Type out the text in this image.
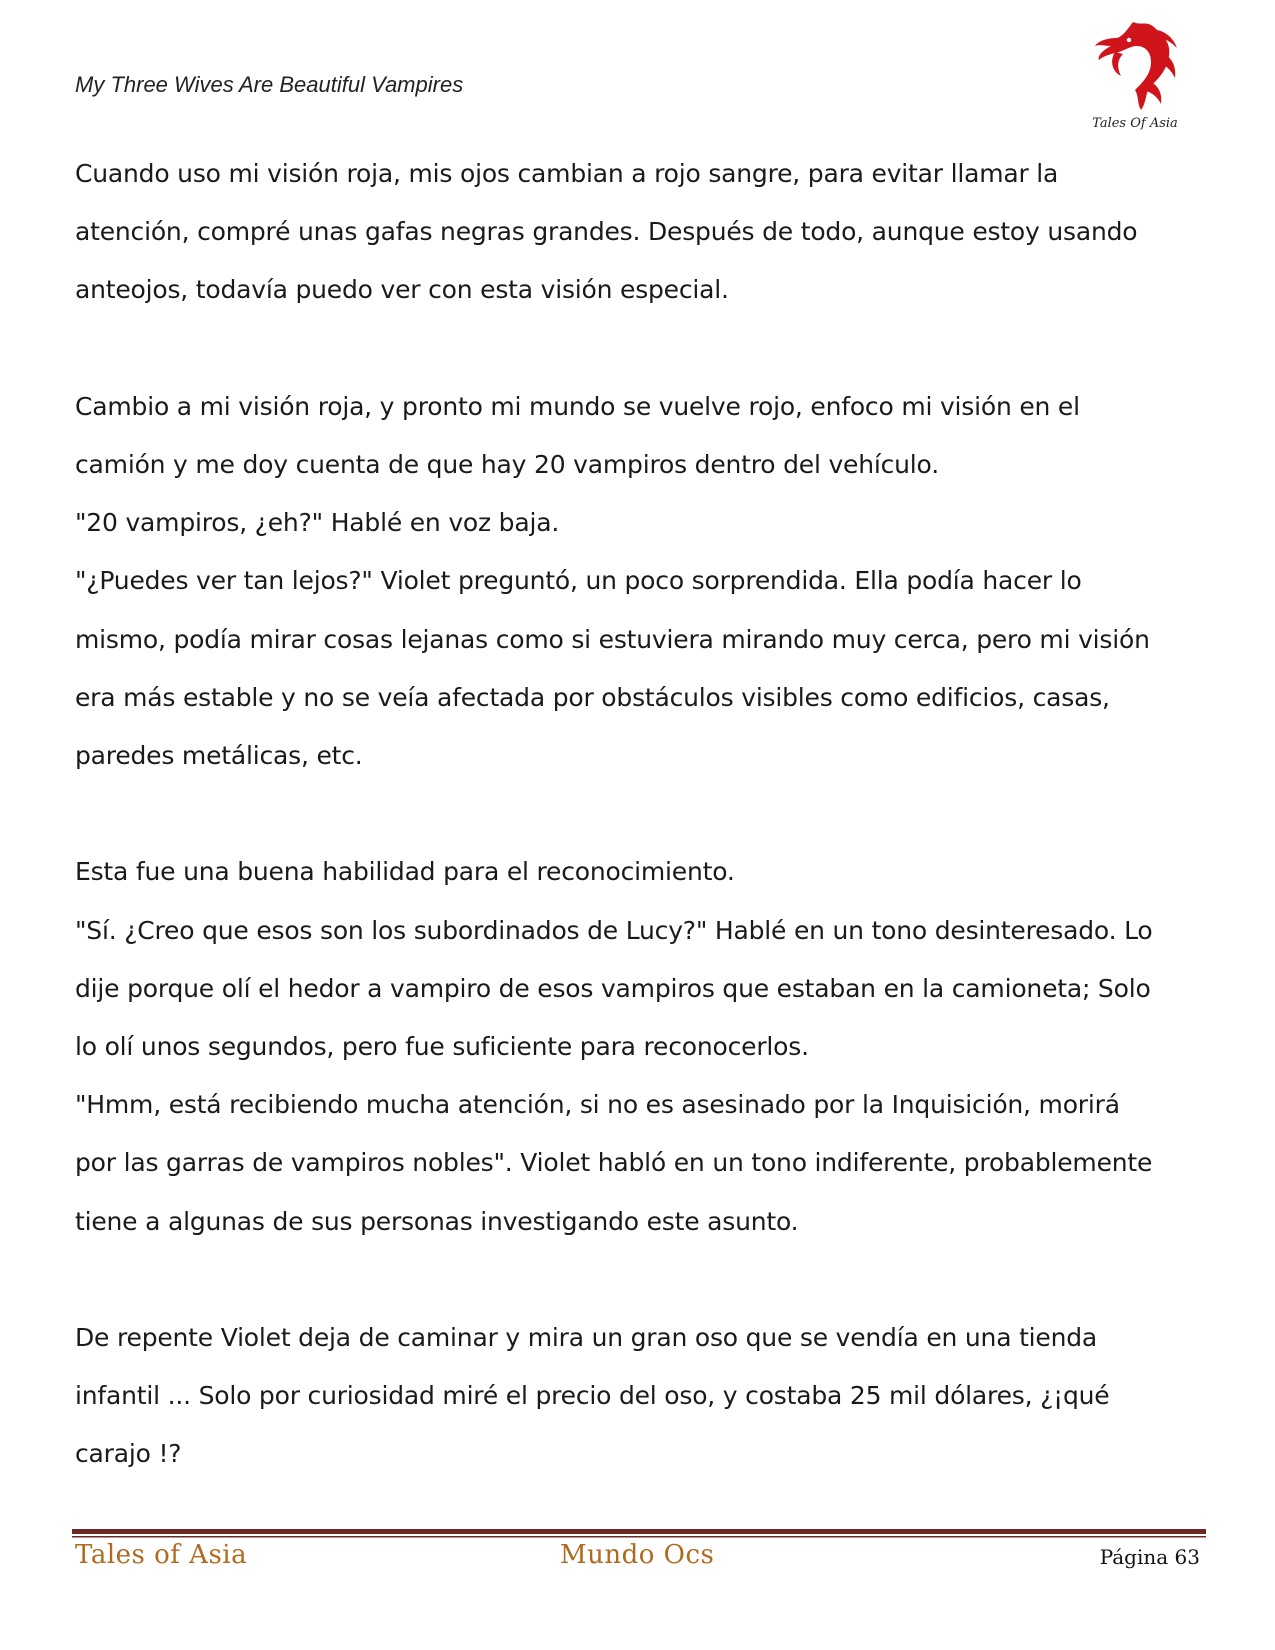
My Three Wives Are Beautiful Vampires
Tales Of Asia

Cuando uso mi visión roja, mis ojos cambian a rojo sangre, para evitar llamar la

atención, compré unas gafas negras grandes. Después de todo, aunque estoy usando

anteojos, todavía puedo ver con esta visión especial.

Cambio a mi visión roja, y pronto mi mundo se vuelve rojo, enfoco mi visión en el

camión y me doy cuenta de que hay 20 vampiros dentro del vehículo.

"20 vampiros, ¿eh?" Hablé en voz baja.

"¿Puedes ver tan lejos?" Violet preguntó, un poco sorprendida. Ella podía hacer lo

mismo, podía mirar cosas lejanas como si estuviera mirando muy cerca, pero mi visión

era más estable y no se veía afectada por obstáculos visibles como edificios, casas,

paredes metálicas, etc.

Esta fue una buena habilidad para el reconocimiento.

"Sí. ¿Creo que esos son los subordinados de Lucy?" Hablé en un tono desinteresado. Lo

dije porque olí el hedor a vampiro de esos vampiros que estaban en la camioneta; Solo

lo olí unos segundos, pero fue suficiente para reconocerlos.

"Hmm, está recibiendo mucha atención, si no es asesinado por la Inquisición, morirá

por las garras de vampiros nobles". Violet habló en un tono indiferente, probablemente

tiene a algunas de sus personas investigando este asunto.

De repente Violet deja de caminar y mira un gran oso que se vendía en una tienda

infantil ... Solo por curiosidad miré el precio del oso, y costaba 25 mil dólares, ¿¡qué

carajo !?

Tales of Asia	Mundo Ocs	Página 63
